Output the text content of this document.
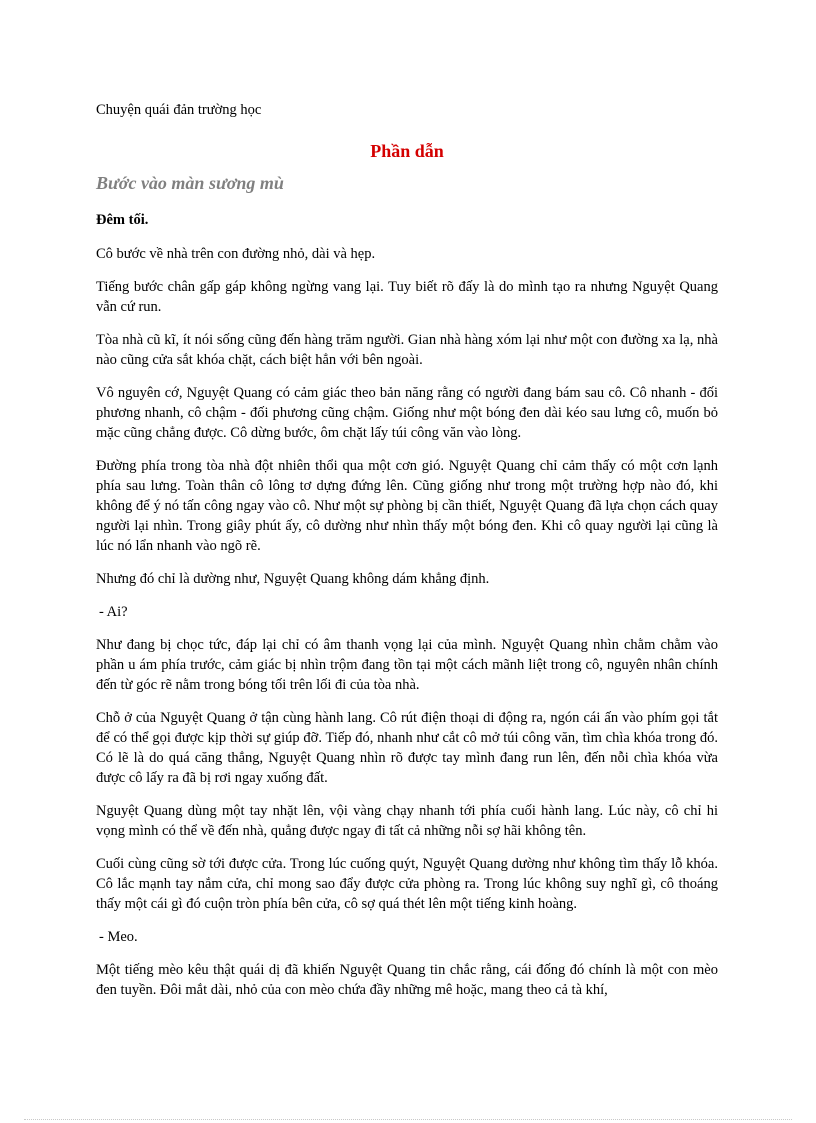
Chuyện quái đản trường học
Phần dẫn
Bước vào màn sương mù
Đêm tối.
Cô bước về nhà trên con đường nhỏ, dài và hẹp.
Tiếng bước chân gấp gáp không ngừng vang lại. Tuy biết rõ đấy là do mình tạo ra nhưng Nguyệt Quang vẫn cứ run.
Tòa nhà cũ kĩ, ít nói sống cũng đến hàng trăm người. Gian nhà hàng xóm lại như một con đường xa lạ, nhà nào cũng cửa sắt khóa chặt, cách biệt hẳn với bên ngoài.
Vô nguyên cớ, Nguyệt Quang có cảm giác theo bản năng rằng có người đang bám sau cô. Cô nhanh - đối phương nhanh, cô chậm - đối phương cũng chậm. Giống như một bóng đen dài kéo sau lưng cô, muốn bỏ mặc cũng chẳng được. Cô dừng bước, ôm chặt lấy túi công văn vào lòng.
Đường phía trong tòa nhà đột nhiên thổi qua một cơn gió. Nguyệt Quang chỉ cảm thấy có một cơn lạnh phía sau lưng. Toàn thân cô lông tơ dựng đứng lên. Cũng giống như trong một trường hợp nào đó, khi không để ý nó tấn công ngay vào cô. Như một sự phòng bị cần thiết, Nguyệt Quang đã lựa chọn cách quay người lại nhìn. Trong giây phút ấy, cô dường như nhìn thấy một bóng đen. Khi cô quay người lại cũng là lúc nó lẩn nhanh vào ngõ rẽ.
Nhưng đó chỉ là dường như, Nguyệt Quang không dám khẳng định.
- Ai?
Như đang bị chọc tức, đáp lại chỉ có âm thanh vọng lại của mình. Nguyệt Quang nhìn chằm chằm vào phần u ám phía trước, cảm giác bị nhìn trộm đang tồn tại một cách mãnh liệt trong cô, nguyên nhân chính đến từ góc rẽ nằm trong bóng tối trên lối đi của tòa nhà.
Chỗ ở của Nguyệt Quang ở tận cùng hành lang. Cô rút điện thoại di động ra, ngón cái ấn vào phím gọi tắt để có thể gọi được kịp thời sự giúp đỡ. Tiếp đó, nhanh như cắt cô mở túi công văn, tìm chìa khóa trong đó. Có lẽ là do quá căng thẳng, Nguyệt Quang nhìn rõ được tay mình đang run lên, đến nỗi chìa khóa vừa được cô lấy ra đã bị rơi ngay xuống đất.
Nguyệt Quang dùng một tay nhặt lên, vội vàng chạy nhanh tới phía cuối hành lang. Lúc này, cô chỉ hi vọng mình có thể về đến nhà, quẳng được ngay đi tất cả những nỗi sợ hãi không tên.
Cuối cùng cũng sờ tới được cửa. Trong lúc cuống quýt, Nguyệt Quang dường như không tìm thấy lỗ khóa. Cô lắc mạnh tay nắm cửa, chỉ mong sao đẩy được cửa phòng ra. Trong lúc không suy nghĩ gì, cô thoáng thấy một cái gì đó cuộn tròn phía bên cửa, cô sợ quá thét lên một tiếng kinh hoàng.
- Meo.
Một tiếng mèo kêu thật quái dị đã khiến Nguyệt Quang tin chắc rằng, cái đống đó chính là một con mèo đen tuyền. Đôi mắt dài, nhỏ của con mèo chứa đầy những mê hoặc, mang theo cả tà khí,
